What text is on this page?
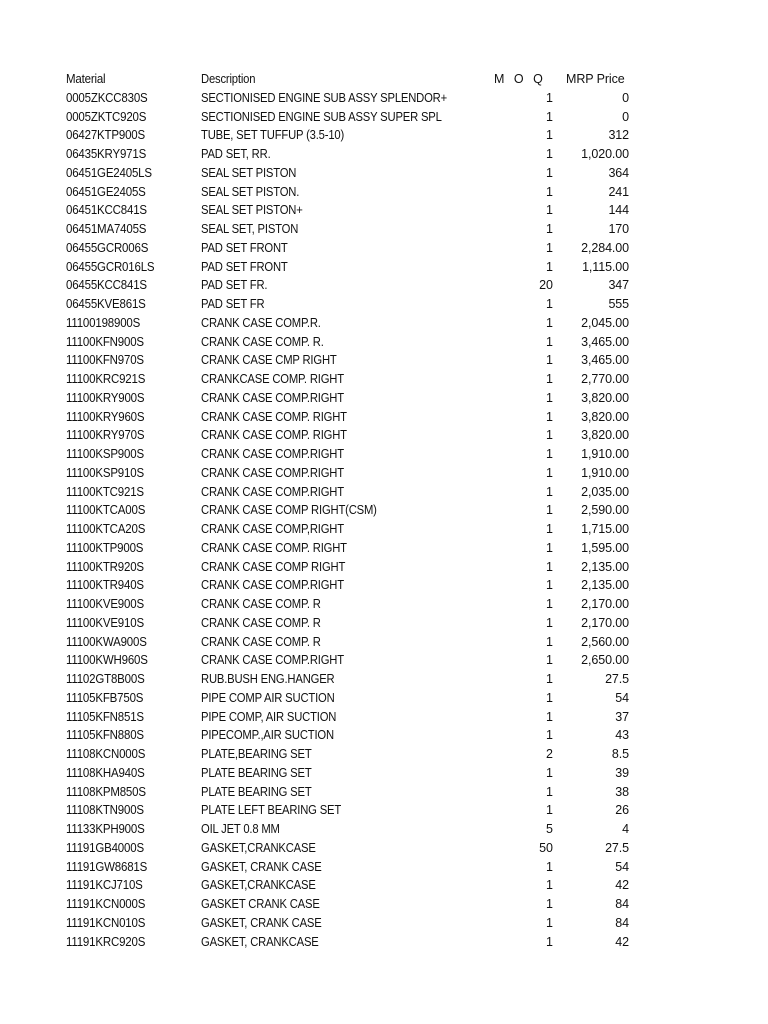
Material	Description	M O Q MRP Price
0005ZKCC830S	SECTIONISED ENGINE SUB ASSY SPLENDOR+	1	0
0005ZKTC920S	SECTIONISED ENGINE SUB ASSY SUPER SPL	1	0
06427KTP900S	TUBE, SET TUFFUP (3.5-10)	1	312
06435KRY971S	PAD SET, RR.	1 1,020.00
06451GE2405LS	SEAL SET PISTON	1	364
06451GE2405S	SEAL SET PISTON.	1	241
06451KCC841S	SEAL SET PISTON+	1	144
06451MA7405S	SEAL SET, PISTON	1	170
06455GCR006S	PAD SET FRONT	1 2,284.00
06455GCR016LS	PAD SET FRONT	1 1,115.00
06455KCC841S	PAD SET FR.	20	347
06455KVE861S	PAD SET FR	1	555
11100198900S	CRANK CASE COMP.R.	1 2,045.00
11100KFN900S	CRANK CASE COMP. R.	1 3,465.00
11100KFN970S	CRANK CASE CMP RIGHT	1 3,465.00
11100KRC921S	CRANKCASE COMP. RIGHT	1 2,770.00
11100KRY900S	CRANK CASE COMP.RIGHT	1 3,820.00
11100KRY960S	CRANK CASE COMP. RIGHT	1 3,820.00
11100KRY970S	CRANK CASE COMP. RIGHT	1 3,820.00
11100KSP900S	CRANK CASE COMP.RIGHT	1 1,910.00
11100KSP910S	CRANK CASE COMP.RIGHT	1 1,910.00
11100KTC921S	CRANK CASE COMP.RIGHT	1 2,035.00
11100KTCA00S	CRANK CASE COMP RIGHT(CSM)	1 2,590.00
11100KTCA20S	CRANK CASE COMP,RIGHT	1 1,715.00
11100KTP900S	CRANK CASE COMP. RIGHT	1 1,595.00
11100KTR920S	CRANK CASE COMP RIGHT	1 2,135.00
11100KTR940S	CRANK CASE COMP.RIGHT	1 2,135.00
11100KVE900S	CRANK CASE COMP. R	1 2,170.00
11100KVE910S	CRANK CASE COMP. R	1 2,170.00
11100KWA900S	CRANK CASE COMP. R	1 2,560.00
11100KWH960S	CRANK CASE COMP.RIGHT	1 2,650.00
11102GT8B00S	RUB.BUSH ENG.HANGER	1	27.5
11105KFB750S	PIPE COMP AIR SUCTION	1	54
11105KFN851S	PIPE COMP, AIR SUCTION	1	37
11105KFN880S	PIPECOMP.,AIR SUCTION	1	43
11108KCN000S	PLATE,BEARING SET	2	8.5
11108KHA940S	PLATE BEARING SET	1	39
11108KPM850S	PLATE BEARING SET	1	38
11108KTN900S	PLATE LEFT BEARING SET	1	26
11133KPH900S	OIL JET 0.8 MM	5	4
11191GB4000S	GASKET,CRANKCASE	50	27.5
11191GW8681S	GASKET, CRANK CASE	1	54
11191KCJ710S	GASKET,CRANKCASE	1	42
11191KCN000S	GASKET CRANK CASE	1	84
11191KCN010S	GASKET, CRANK CASE	1	84
11191KRC920S	GASKET, CRANKCASE	1	42
